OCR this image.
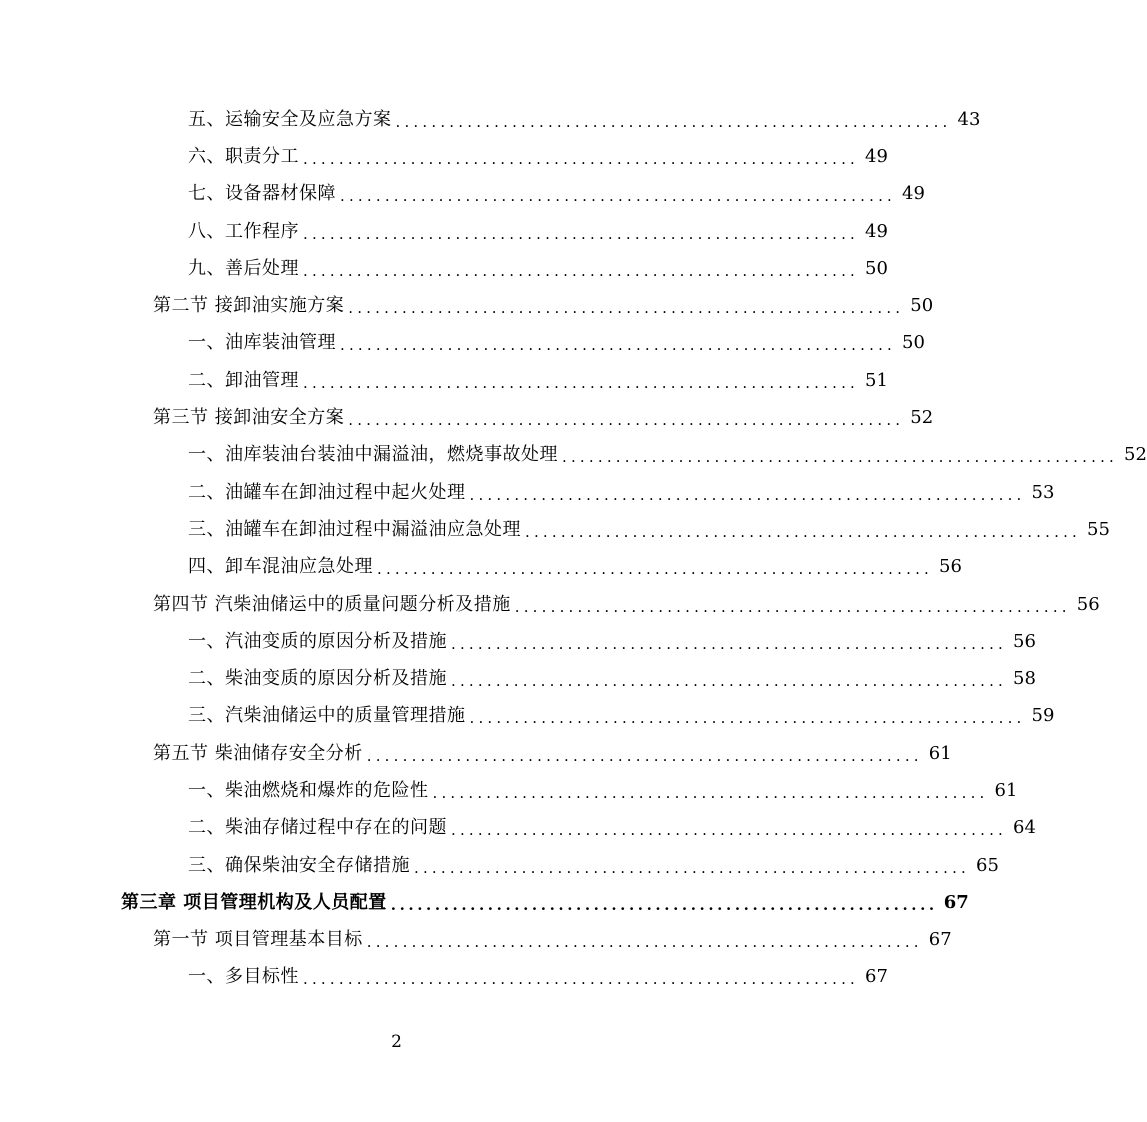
五、运输安全及应急方案 .............................................................. 43
六、职责分工 .............................................................. 49
七、设备器材保障 .............................................................. 49
八、工作程序 .............................................................. 49
九、善后处理 .............................................................. 50
第二节 接卸油实施方案 .............................................................. 50
一、油库装油管理 .............................................................. 50
二、卸油管理 .............................................................. 51
第三节 接卸油安全方案 .............................................................. 52
一、油库装油台装油中漏溢油，燃烧事故处理 .............................................................. 52
二、油罐车在卸油过程中起火处理 .............................................................. 53
三、油罐车在卸油过程中漏溢油应急处理 .............................................................. 55
四、卸车混油应急处理 .............................................................. 56
第四节 汽柴油储运中的质量问题分析及措施 .............................................................. 56
一、汽油变质的原因分析及措施 .............................................................. 56
二、柴油变质的原因分析及措施 .............................................................. 58
三、汽柴油储运中的质量管理措施 .............................................................. 59
第五节 柴油储存安全分析 .............................................................. 61
一、柴油燃烧和爆炸的危险性 .............................................................. 61
二、柴油存储过程中存在的问题 .............................................................. 64
三、确保柴油安全存储措施 .............................................................. 65
第三章 项目管理机构及人员配置 .............................................................. 67
第一节 项目管理基本目标 .............................................................. 67
一、多目标性 .............................................................. 67
2
